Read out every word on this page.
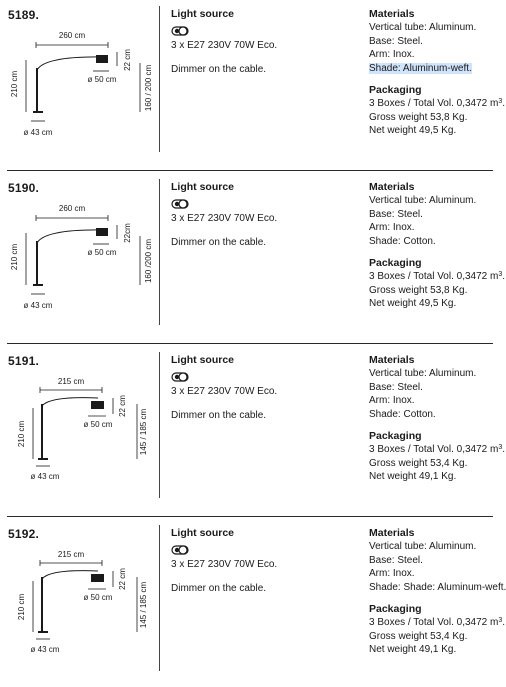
5189.
260 cm
ø 50 cm
22 cm
160 / 200 cm
210 cm
ø 43 cm
Light source
3 x E27 230V 70W Eco.
Dimmer on the cable.
Materials
Vertical tube: Aluminum.
Base: Steel.
Arm: Inox.
Shade: Aluminum-weft.
Packaging
3 Boxes / Total Vol. 0,3472 $m^3$.
Gross weight 53,8 Kg.
Net weight 49,5 Kg.
5190.
260 cm
ø 50 cm
22cm
160 /200 cm
210 cm
ø 43 cm
Light source
3 x E27 230V 70W Eco.
Dimmer on the cable.
Materials
Vertical tube: Aluminum.
Base: Steel.
Arm: Inox.
Shade: Cotton.
Packaging
3 Boxes / Total Vol. 0,3472 $m^3$.
Gross weight 53,8 Kg.
Net weight 49,5 Kg.
5191.
215 cm
ø 50 cm
22 cm
145 / 185 cm
210 cm
ø 43 cm
Light source
3 x E27 230V 70W Eco.
Dimmer on the cable.
Materials
Vertical tube: Aluminum.
Base: Steel.
Arm: Inox.
Shade: Cotton.
Packaging
3 Boxes / Total Vol. 0,3472 $m^3$.
Gross weight 53,4 Kg.
Net weight 49,1 Kg.
5192.
215 cm
ø 50 cm
22 cm
145 / 185 cm
210 cm
ø 43 cm
Light source
3 x E27 230V 70W Eco.
Dimmer on the cable.
Materials
Vertical tube: Aluminum.
Base: Steel.
Arm: Inox.
Shade: Shade: Aluminum-weft.
Packaging
3 Boxes / Total Vol. 0,3472 $m^3$.
Gross weight 53,4 Kg.
Net weight 49,1 Kg.
